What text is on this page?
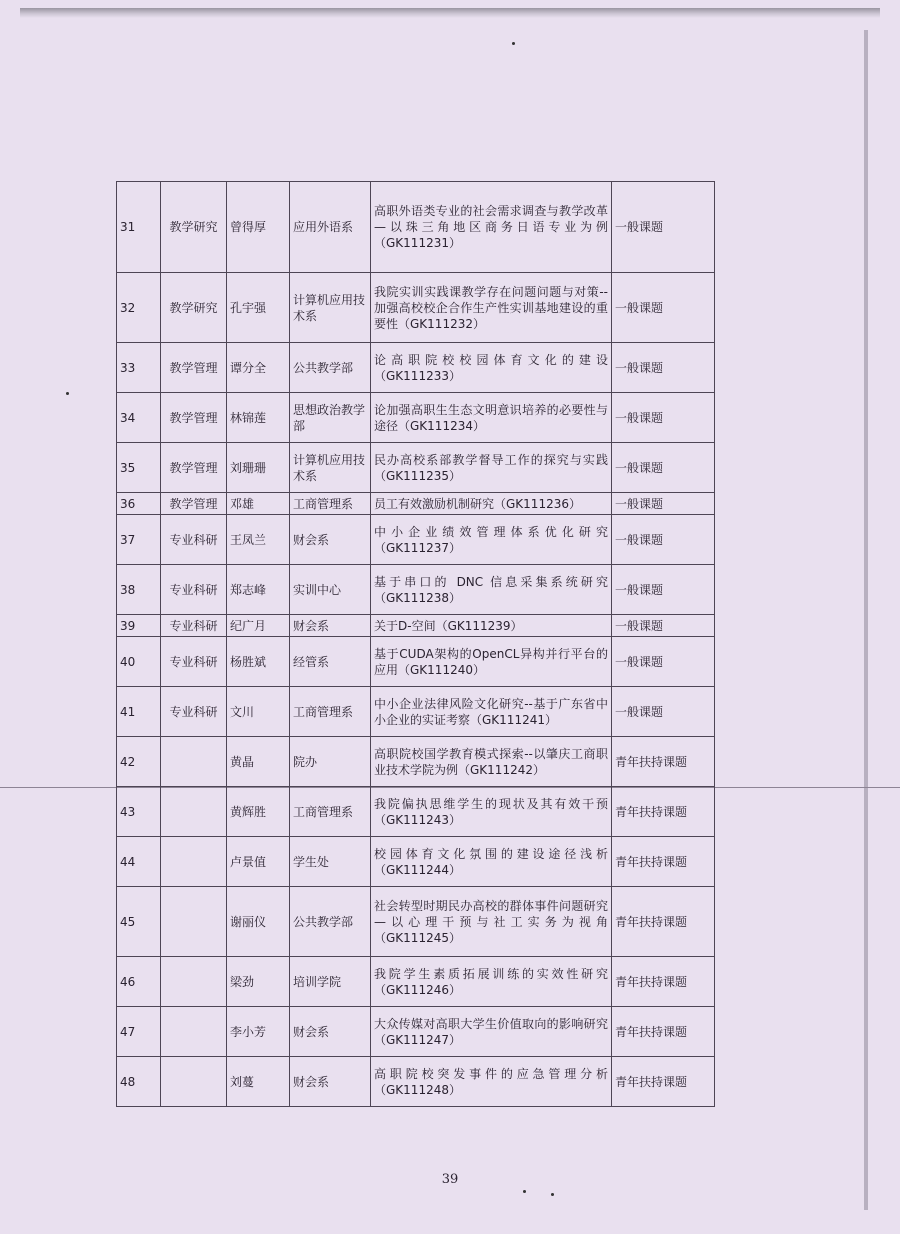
31	教学研究	曾得厚	应用外语系	高职外语类专业的社会需求调查与教学改革—以珠三角地区商务日语专业为例（GK111231）	一般课题
32	教学研究	孔宇强	计算机应用技术系	我院实训实践课教学存在问题问题与对策--加强高校校企合作生产性实训基地建设的重要性（GK111232）	一般课题
33	教学管理	谭分全	公共教学部	论高职院校校园体育文化的建设（GK111233）	一般课题
34	教学管理	林锦莲	思想政治教学部	论加强高职生生态文明意识培养的必要性与途径（GK111234）	一般课题
35	教学管理	刘珊珊	计算机应用技术系	民办高校系部教学督导工作的探究与实践（GK111235）	一般课题
36	教学管理	邓雄	工商管理系	员工有效激励机制研究（GK111236）	一般课题
37	专业科研	王凤兰	财会系	中小企业绩效管理体系优化研究（GK111237）	一般课题
38	专业科研	郑志峰	实训中心	基于串口的 DNC 信息采集系统研究（GK111238）	一般课题
39	专业科研	纪广月	财会系	关于D-空间（GK111239）	一般课题
40	专业科研	杨胜斌	经管系	基于CUDA架构的OpenCL异构并行平台的应用（GK111240）	一般课题
41	专业科研	文川	工商管理系	中小企业法律风险文化研究--基于广东省中小企业的实证考察（GK111241）	一般课题
42		黄晶	院办	高职院校国学教育模式探索--以肇庆工商职业技术学院为例（GK111242）	青年扶持课题
43		黄辉胜	工商管理系	我院偏执思维学生的现状及其有效干预（GK111243）	青年扶持课题
44		卢景值	学生处	校园体育文化氛围的建设途径浅析（GK111244）	青年扶持课题
45		谢丽仪	公共教学部	社会转型时期民办高校的群体事件问题研究—以心理干预与社工实务为视角（GK111245）	青年扶持课题
46		梁劲	培训学院	我院学生素质拓展训练的实效性研究（GK111246）	青年扶持课题
47		李小芳	财会系	大众传媒对高职大学生价值取向的影响研究（GK111247）	青年扶持课题
48		刘蔓	财会系	高职院校突发事件的应急管理分析（GK111248）	青年扶持课题
39
